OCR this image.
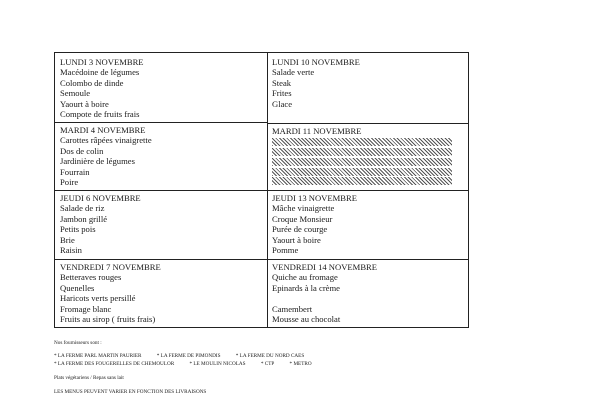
LUNDI 3 NOVEMBRE
Macédoine de légumes
Colombo de dinde
Semoule
Yaourt à boire
Compote de fruits frais
MARDI 4 NOVEMBRE
Carottes râpées vinaigrette
Dos de colin
Jardinière de légumes
Fourrain
Poire
JEUDI 6 NOVEMBRE
Salade de riz
Jambon grillé
Petits pois
Brie
Raisin
VENDREDI 7 NOVEMBRE
Betteraves rouges
Quenelles
Haricots verts persillé
Fromage blanc
Fruits au sirop ( fruits frais)
LUNDI 10 NOVEMBRE
Salade verte
Steak
Frites
Glace
MARDI 11 NOVEMBRE
JEUDI 13 NOVEMBRE
Mâche vinaigrette
Croque Monsieur
Purée de courge
Yaourt à boire
Pomme
VENDREDI 14 NOVEMBRE
Quiche au fromage
Epinards à la crème

Camembert
Mousse au chocolat
Nos fournisseurs sont :
* LA FERME PARL MARTIN PAURIER	* LA FERME DE PIMONDIS	* LA FERME DU NORD CAES
* LA FERME DES FOUGERELLES DE CHEMOULOR	* LE MOULIN NICOLAS	* CTP	* METRO
Plats végétariens / Repas sans lait
LES MENUS PEUVENT VARIER EN FONCTION DES LIVRAISONS
